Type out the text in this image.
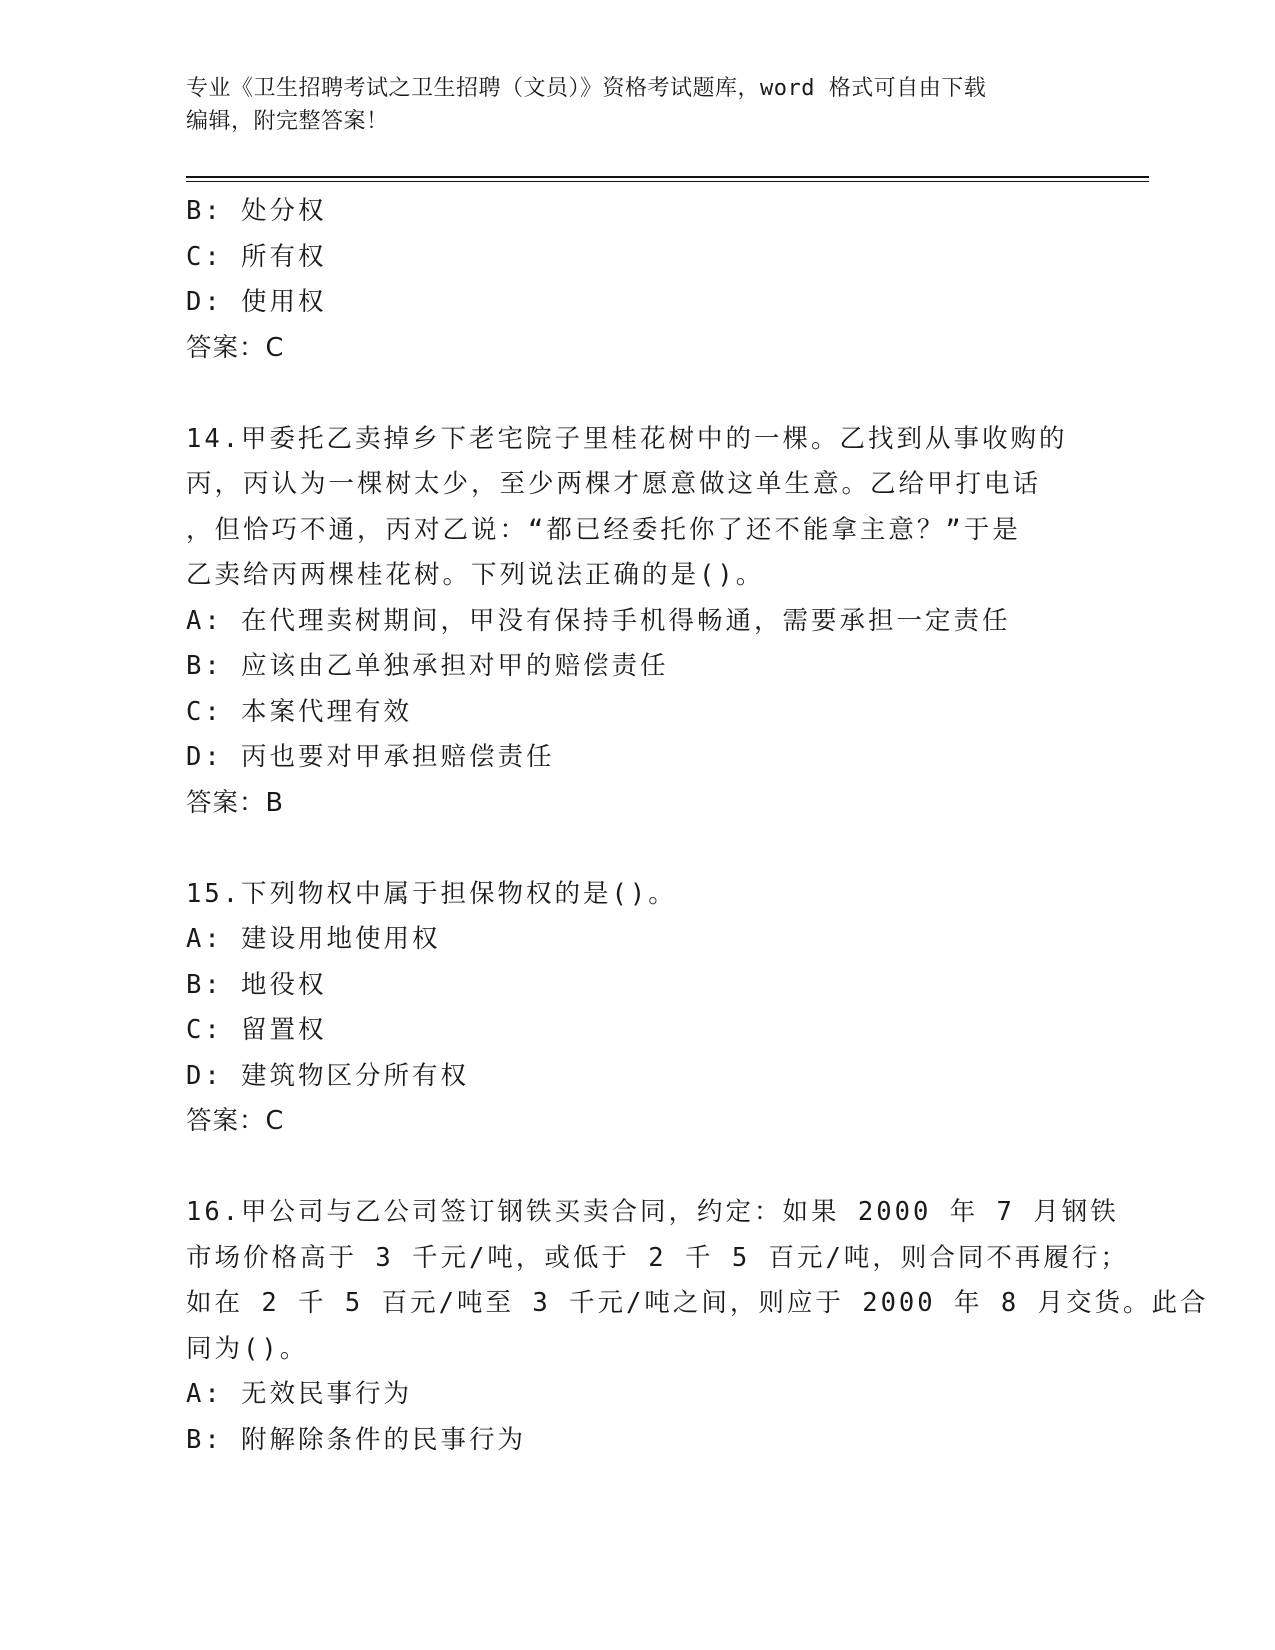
专业《卫生招聘考试之卫生招聘（文员）》资格考试题库，word 格式可自由下载
编辑，附完整答案！
B: 处分权
C: 所有权
D: 使用权
答案：C
14.甲委托乙卖掉乡下老宅院子里桂花树中的一棵。乙找到从事收购的
丙，丙认为一棵树太少，至少两棵才愿意做这单生意。乙给甲打电话
，但恰巧不通，丙对乙说：“都已经委托你了还不能拿主意？”于是
乙卖给丙两棵桂花树。下列说法正确的是()。
A: 在代理卖树期间，甲没有保持手机得畅通，需要承担一定责任
B: 应该由乙单独承担对甲的赔偿责任
C: 本案代理有效
D: 丙也要对甲承担赔偿责任
答案：B
15.下列物权中属于担保物权的是()。
A: 建设用地使用权
B: 地役权
C: 留置权
D: 建筑物区分所有权
答案：C
16.甲公司与乙公司签订钢铁买卖合同，约定：如果 2000 年 7 月钢铁
市场价格高于 3 千元/吨，或低于 2 千 5 百元/吨，则合同不再履行；
如在 2 千 5 百元/吨至 3 千元/吨之间，则应于 2000 年 8 月交货。此合
同为()。
A: 无效民事行为
B: 附解除条件的民事行为
